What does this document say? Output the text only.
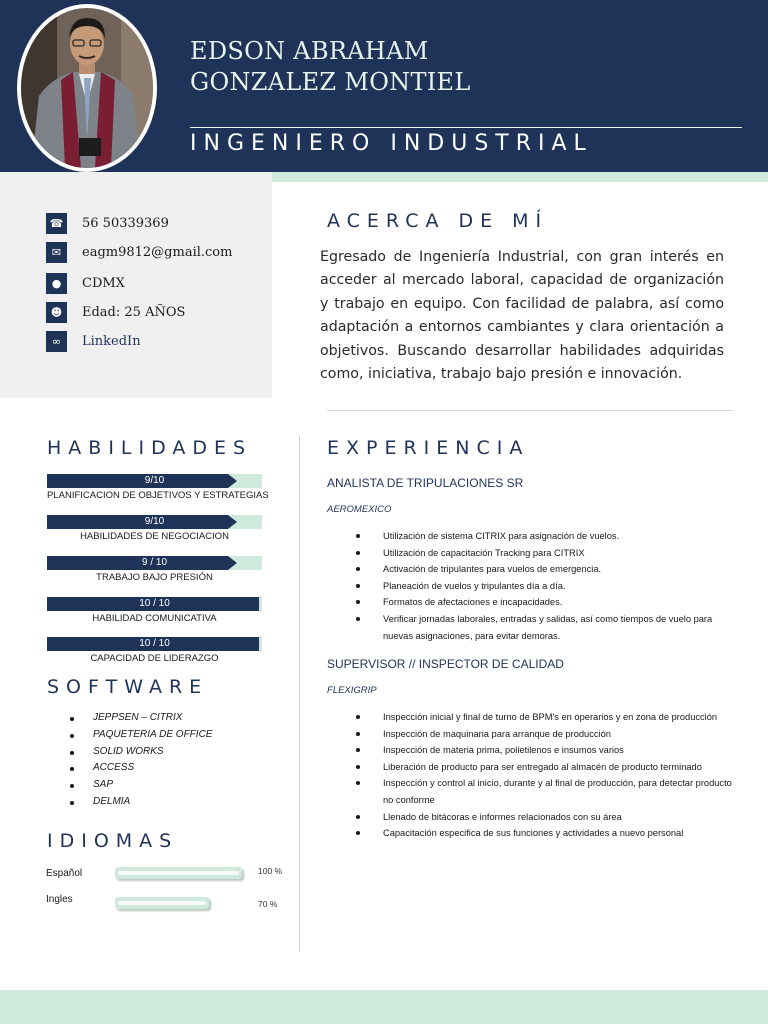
EDSON ABRAHAM
GONZALEZ MONTIEL
INGENIERO INDUSTRIAL
☎ 56 50339369
✉	eagm9812@gmail.com
●	CDMX
☻	Edad: 25 AÑOS
∞	LinkedIn
ACERCA DE MÍ

Egresado de Ingeniería Industrial, con gran interés en acceder al mercado laboral, capacidad de organización y trabajo en equipo. Con facilidad de palabra, así como adaptación a entornos cambiantes y clara orientación a objetivos. Buscando desarrollar habilidades adquiridas como, iniciativa, trabajo bajo presión e innovación.

HABILIDADES
9/10
PLANIFICACION DE OBJETIVOS Y ESTRATEGIAS
9/10
HABILIDADES DE NEGOCIACION
9 / 10
TRABAJO BAJO PRESIÓN
10 / 10
HABILIDAD COMUNICATIVA
10 / 10
CAPACIDAD DE LIDERAZGO
SOFTWARE
JEPPSEN – CITRIX
PAQUETERIA DE OFFICE
SOLID WORKS
ACCESS
SAP
DELMIA
IDIOMAS
Español	100 %
Ingles	70 %
EXPERIENCIA
ANALISTA DE TRIPULACIONES SR
AEROMEXICO
Utilización de sistema CITRIX para asignación de vuelos.
Utilización de capacitación Tracking para CITRIX
Activación de tripulantes para vuelos de emergencia.
Planeación de vuelos y tripulantes día a día.
Formatos de afectaciones e incapacidades.
Verificar jornadas laborales, entradas y salidas, así como tiempos de vuelo para nuevas asignaciones, para evitar demoras.
SUPERVISOR // INSPECTOR DE CALIDAD
FLEXIGRIP
Inspección inicial y final de turno de BPM's en operarios y en zona de producción
Inspección de maquinaria para arranque de producción
Inspección de materia prima, polietilenos e insumos varios
Liberación de producto para ser entregado al almacén de producto terminado
Inspección y control al inicio, durante y al final de producción, para detectar producto no conforme
Llenado de bitácoras e informes relacionados con su área
Capacitación especifica de sus funciones y actividades a nuevo personal
